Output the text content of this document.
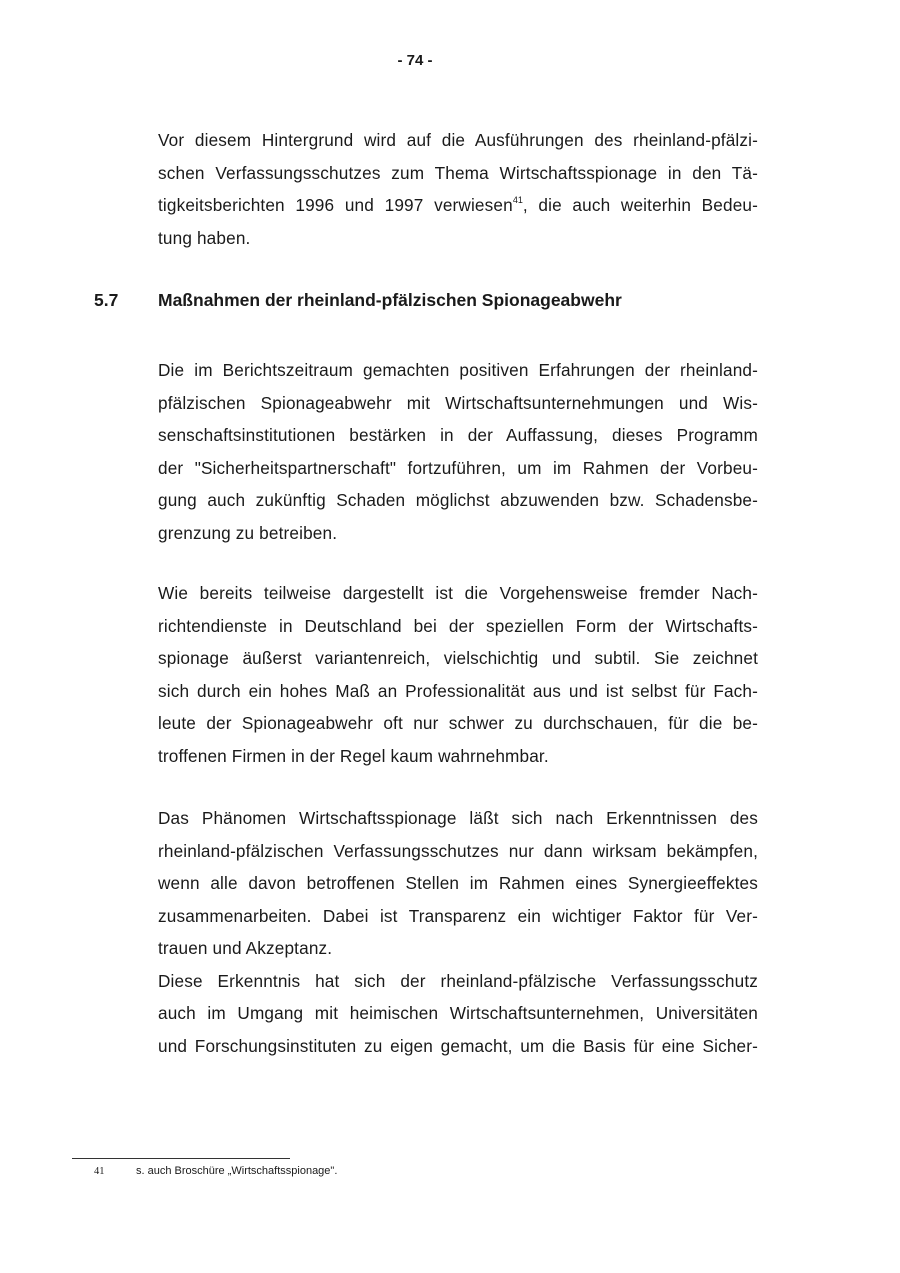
- 74 -
Vor diesem Hintergrund wird auf die Ausführungen des rheinland-pfälzi-
schen Verfassungsschutzes zum Thema Wirtschaftsspionage in den Tä-
tigkeitsberichten 1996 und 1997 verwiesen$^{41}$, die auch weiterhin Bedeu-
tung haben.
5.7 Maßnahmen der rheinland-pfälzischen Spionageabwehr
Die im Berichtszeitraum gemachten positiven Erfahrungen der rheinland-
pfälzischen Spionageabwehr mit Wirtschaftsunternehmungen und Wis-
senschaftsinstitutionen bestärken in der Auffassung, dieses Programm
der "Sicherheitspartnerschaft" fortzuführen, um im Rahmen der Vorbeu-
gung auch zukünftig Schaden möglichst abzuwenden bzw. Schadensbe-
grenzung zu betreiben.
Wie bereits teilweise dargestellt ist die Vorgehensweise fremder Nach-
richtendienste in Deutschland bei der speziellen Form der Wirtschafts-
spionage äußerst variantenreich, vielschichtig und subtil. Sie zeichnet
sich durch ein hohes Maß an Professionalität aus und ist selbst für Fach-
leute der Spionageabwehr oft nur schwer zu durchschauen, für die be-
troffenen Firmen in der Regel kaum wahrnehmbar.
Das Phänomen Wirtschaftsspionage läßt sich nach Erkenntnissen des
rheinland-pfälzischen Verfassungsschutzes nur dann wirksam bekämpfen,
wenn alle davon betroffenen Stellen im Rahmen eines Synergieeffektes
zusammenarbeiten. Dabei ist Transparenz ein wichtiger Faktor für Ver-
trauen und Akzeptanz.
Diese Erkenntnis hat sich der rheinland-pfälzische Verfassungsschutz
auch im Umgang mit heimischen Wirtschaftsunternehmen, Universitäten
und Forschungsinstituten zu eigen gemacht, um die Basis für eine Sicher-
41	s. auch Broschüre „Wirtschaftsspionage".
